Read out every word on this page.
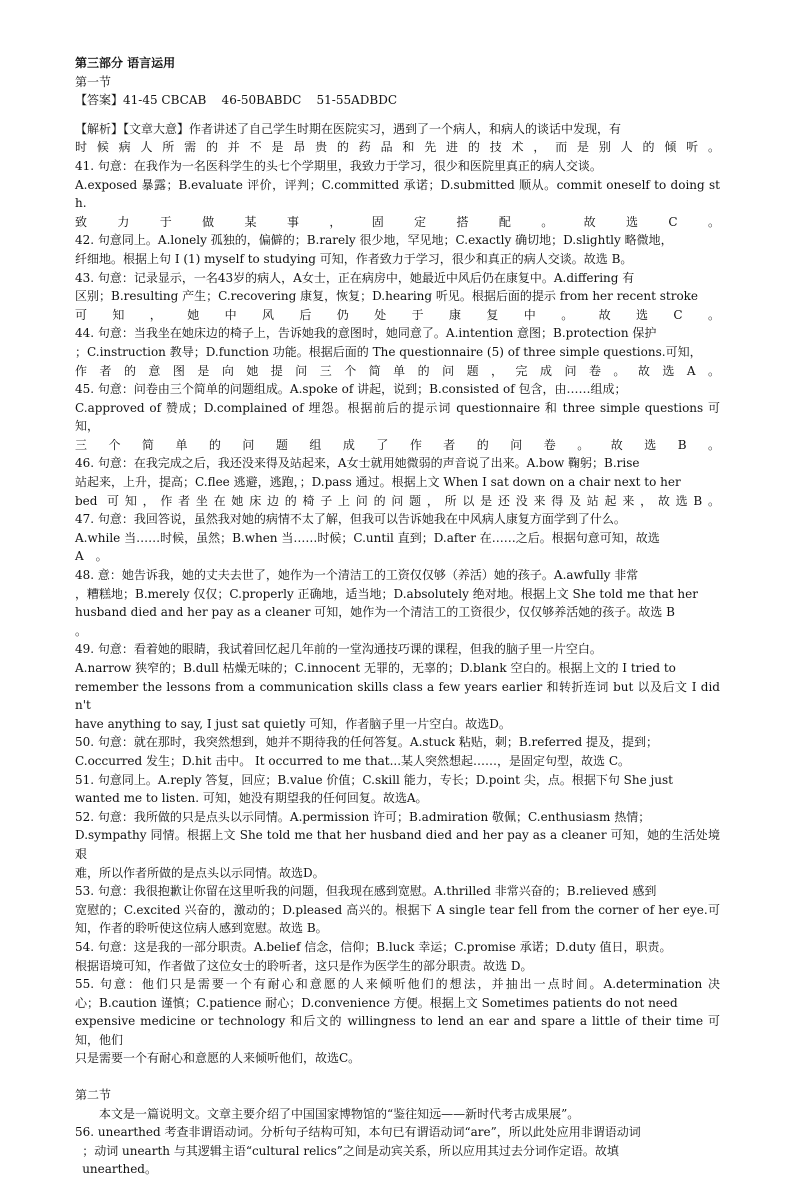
第三部分 语言运用
第一节
【答案】41-45 CBCAB    46-50BABDC    51-55ADBDC
【解析】【文章大意】作者讲述了自己学生时期在医院实习，遇到了一个病人，和病人的谈话中发现，有
时候病人所需的并不是昂贵的药品和先进的技术，而是别人的倾听。
41. 句意：在我作为一名医科学生的头七个学期里，我致力于学习，很少和医院里真正的病人交谈。
A.exposed 暴露；B.evaluate 评价，评判；C.committed 承诺；D.submitted 顺从。commit oneself to doing sth.
致力于做某事，固定搭配。故选C。
42. 句意同上。A.lonely 孤独的，偏僻的；B.rarely 很少地，罕见地；C.exactly 确切地；D.slightly 略微地，
纤细地。根据上句 I (1) myself to studying 可知，作者致力于学习，很少和真正的病人交谈。故选 B。
43. 句意：记录显示，一名43岁的病人，A女士，正在病房中，她最近中风后仍在康复中。A.differing 有
区别；B.resulting 产生；C.recovering 康复，恢复；D.hearing 听见。根据后面的提示 from her recent stroke
可知，她中风后仍处于康复中。故选C。
44. 句意：当我坐在她床边的椅子上，告诉她我的意图时，她同意了。A.intention 意图；B.protection 保护
；C.instruction 教导；D.function 功能。根据后面的 The questionnaire (5) of three simple questions.可知，
作者的意图是向她提问三个简单的问题，完成问卷。故选A。
45. 句意：问卷由三个简单的问题组成。A.spoke of 讲起，说到；B.consisted of 包含，由……组成；
C.approved of 赞成；D.complained of 埋怨。根据前后的提示词 questionnaire 和 three simple questions 可知，
三个简单的问题组成了作者的问卷。故选B。
46. 句意：在我完成之后，我还没来得及站起来，A女士就用她微弱的声音说了出来。A.bow 鞠躬；B.rise
站起来，上升，提高；C.flee 逃避，逃跑，；D.pass 通过。根据上文 When I sat down on a chair next to her
bed 可知，作者坐在她床边的椅子上问的问题，所以是还没来得及站起来，故选B。
47. 句意：我回答说，虽然我对她的病情不太了解，但我可以告诉她我在中风病人康复方面学到了什么。
A.while 当……时候，虽然；B.when 当……时候；C.until 直到；D.after 在……之后。根据句意可知，故选
A　。
48. 意：她告诉我，她的丈夫去世了，她作为一个清洁工的工资仅仅够（养活）她的孩子。A.awfully 非常
，糟糕地；B.merely 仅仅；C.properly 正确地，适当地；D.absolutely 绝对地。根据上文 She told me that her
husband died and her pay as a cleaner 可知，她作为一个清洁工的工资很少，仅仅够养活她的孩子。故选 B
。
49. 句意：看着她的眼睛，我试着回忆起几年前的一堂沟通技巧课的课程，但我的脑子里一片空白。
A.narrow 狭窄的；B.dull 枯燥无味的；C.innocent 无罪的，无辜的；D.blank 空白的。根据上文的 I tried to
remember the lessons from a communication skills class a few years earlier 和转折连词 but 以及后文 I didn't
have anything to say, I just sat quietly 可知，作者脑子里一片空白。故选D。
50. 句意：就在那时，我突然想到，她并不期待我的任何答复。A.stuck 粘贴，刺；B.referred 提及，提到；
C.occurred 发生；D.hit 击中。 It occurred to me that...某人突然想起……，是固定句型，故选 C。
51. 句意同上。A.reply 答复，回应；B.value 价值；C.skill 能力，专长；D.point 尖，点。根据下句 She just
wanted me to listen. 可知，她没有期望我的任何回复。故选A。
52. 句意：我所做的只是点头以示同情。A.permission 许可；B.admiration 敬佩；C.enthusiasm 热情；
D.sympathy 同情。根据上文 She told me that her husband died and her pay as a cleaner 可知，她的生活处境艰
难，所以作者所做的是点头以示同情。故选D。
53. 句意：我很抱歉让你留在这里听我的问题，但我现在感到宽慰。A.thrilled 非常兴奋的；B.relieved 感到
宽慰的；C.excited 兴奋的，激动的；D.pleased 高兴的。根据下 A single tear fell from the corner of her eye.可
知，作者的聆听使这位病人感到宽慰。故选 B。
54. 句意：这是我的一部分职责。A.belief 信念，信仰；B.luck 幸运；C.promise 承诺；D.duty 值日，职责。
根据语境可知，作者做了这位女士的聆听者，这只是作为医学生的部分职责。故选 D。
55. 句意：他们只是需要一个有耐心和意愿的人来倾听他们的想法，并抽出一点时间。A.determination 决
心；B.caution 谨慎；C.patience 耐心；D.convenience 方便。根据上文 Sometimes patients do not need
expensive medicine or technology 和后文的 willingness to lend an ear and spare a little of their time 可知，他们
只是需要一个有耐心和意愿的人来倾听他们，故选C。
第二节
本文是一篇说明文。文章主要介绍了中国国家博物馆的“鉴往知远——新时代考古成果展”。
56. unearthed 考查非谓语动词。分析句子结构可知，本句已有谓语动词“are”，所以此处应用非谓语动词
；动词 unearth 与其逻辑主语“cultural relics”之间是动宾关系，所以应用其过去分词作定语。故填
unearthed。
